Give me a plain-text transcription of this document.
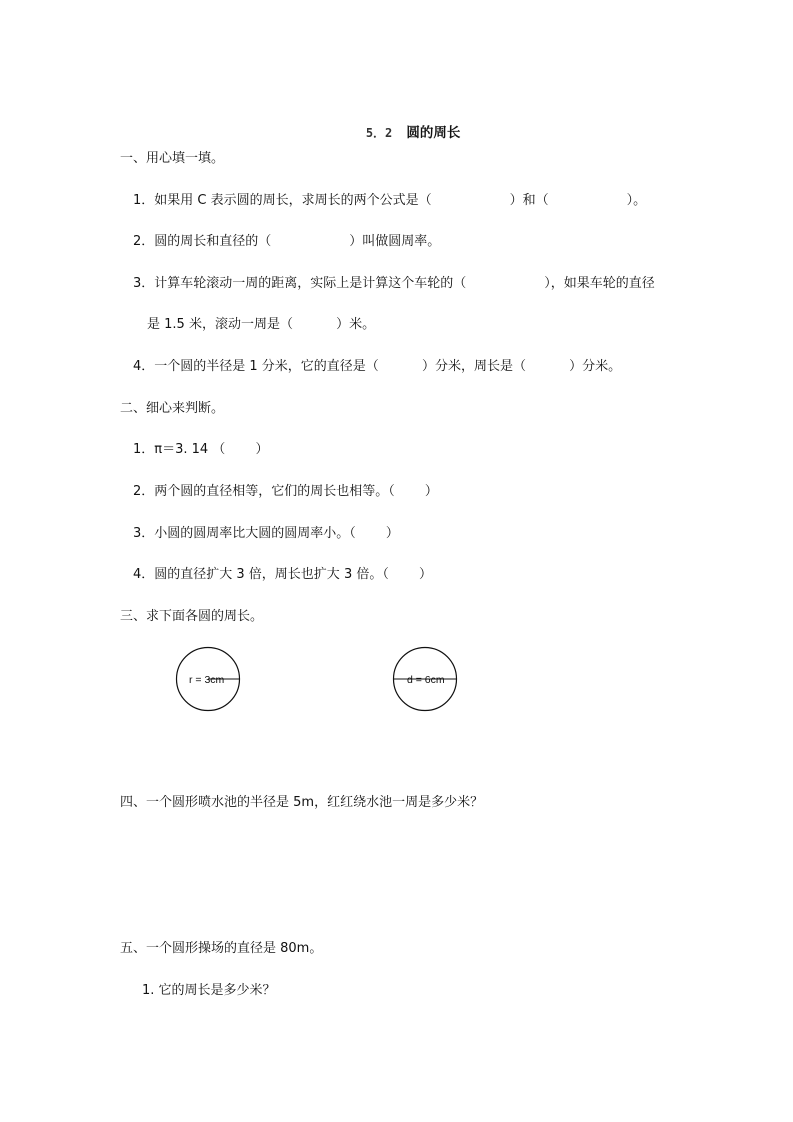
5．2 圆的周长

一、用心填一填。
1．如果用 C 表示圆的周长，求周长的两个公式是（　　　　　　）和（　　　　　　）。
2．圆的周长和直径的（　　　　　　）叫做圆周率。
3．计算车轮滚动一周的距离，实际上是计算这个车轮的（　　　　　　），如果车轮的直径
是 1.5 米，滚动一周是（　　　 ）米。
4．一个圆的半径是 1 分米，它的直径是（　　　 ）分米，周长是（　　　 ）分米。
二、细心来判断。
1．π＝3. 14 （　　 ）
2．两个圆的直径相等，它们的周长也相等。（　　 ）
3．小圆的圆周率比大圆的圆周率小。（　　 ）
4．圆的直径扩大 3 倍，周长也扩大 3 倍。（　　 ）
三、求下面各圆的周长。
r = 3cm	d = 6cm
四、一个圆形喷水池的半径是 5m，红红绕水池一周是多少米？
五、一个圆形操场的直径是 80m。
1. 它的周长是多少米？
